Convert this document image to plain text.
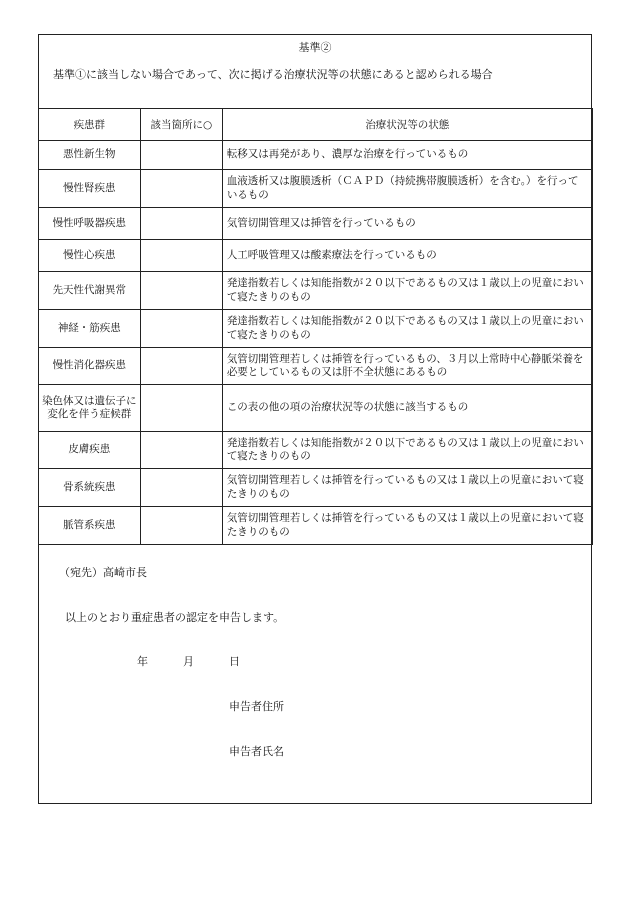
基準②
基準①に該当しない場合であって、次に掲げる治療状況等の状態にあると認められる場合
疾患群	該当箇所に○	治療状況等の状態
悪性新生物		転移又は再発があり、濃厚な治療を行っているもの
慢性腎疾患		血液透析又は腹膜透析（ＣＡＰＤ（持続携帯腹膜透析）を含む。）を行っているもの
慢性呼吸器疾患		気管切開管理又は挿管を行っているもの
慢性心疾患		人工呼吸管理又は酸素療法を行っているもの
先天性代謝異常		発達指数若しくは知能指数が２０以下であるもの又は１歳以上の児童において寝たきりのもの
神経・筋疾患		発達指数若しくは知能指数が２０以下であるもの又は１歳以上の児童において寝たきりのもの
慢性消化器疾患		気管切開管理若しくは挿管を行っているもの、３月以上常時中心静脈栄養を必要としているもの又は肝不全状態にあるもの
染色体又は遺伝子に変化を伴う症候群		この表の他の項の治療状況等の状態に該当するもの
皮膚疾患		発達指数若しくは知能指数が２０以下であるもの又は１歳以上の児童において寝たきりのもの
骨系統疾患		気管切開管理若しくは挿管を行っているもの又は１歳以上の児童において寝たきりのもの
脈管系疾患		気管切開管理若しくは挿管を行っているもの又は１歳以上の児童において寝たきりのもの
（宛先）高崎市長
以上のとおり重症患者の認定を申告します。
年	月	日
申告者住所
申告者氏名
